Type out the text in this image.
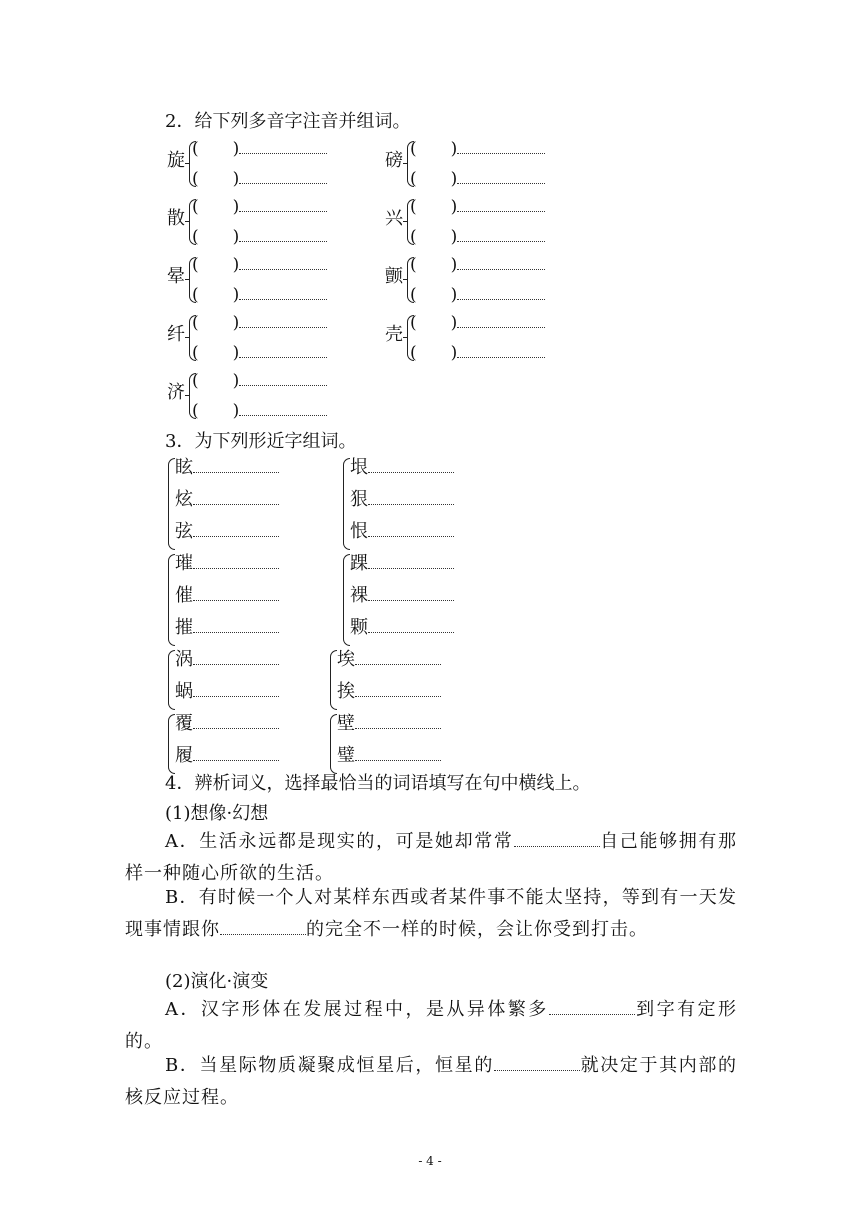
2．给下列多音字注音并组词。
旋
(　　)
(　　)
散
(　　)
(　　)
晕
(　　)
(　　)
纤
(　　)
(　　)
济
(　　)
(　　)
磅
(　　)
(　　)
兴
(　　)
(　　)
颤
(　　)
(　　)
壳
(　　)
(　　)
3．为下列形近字组词。
眩
炫
弦
璀
催
摧
涡
蜗
覆
履
垠
狠
恨
踝
裸
颗
埃
挨
壁
璧
4．辨析词义，选择最恰当的词语填写在句中横线上。
(1)想像·幻想
A．生活永远都是现实的，可是她却常常	自己能够拥有那样一种随心所欲的生活。
B．有时候一个人对某样东西或者某件事不能太坚持，等到有一天发现事情跟你	的完全不一样的时候，会让你受到打击。
(2)演化·演变
A．汉字形体在发展过程中，是从异体繁多	到字有定形的。
B．当星际物质凝聚成恒星后，恒星的	就决定于其内部的核反应过程。
- 4 -
